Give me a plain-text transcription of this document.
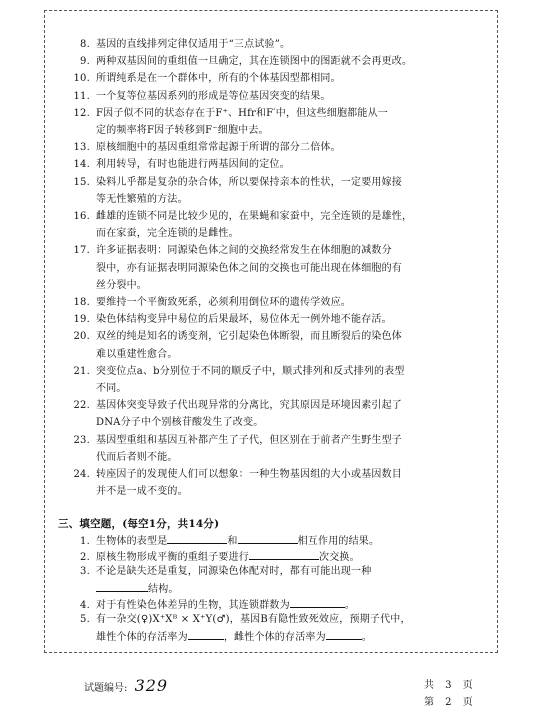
8. 基因的直线排列定律仅适用于“三点试验”。
9. 两种双基因间的重组值一旦确定，其在连锁图中的图距就不会再更改。
10. 所谓纯系是在一个群体中，所有的个体基因型都相同。
11. 一个复等位基因系列的形成是等位基因突变的结果。
12. F因子似不同的状态存在于F⁺、Hfr和F′中，但这些细胞都能从一
定的频率将F因子转移到F⁻细胞中去。
13. 原核细胞中的基因重组常常起源于所谓的部分二倍体。
14. 利用转导，有时也能进行两基因间的定位。
15. 染料儿乎都是复杂的杂合体，所以要保持亲本的性状，一定要用嫁接
等无性繁殖的方法。
16. 雌雄的连锁不同是比较少见的，在果蝇和家蚕中，完全连锁的是雄性，
而在家蚕，完全连锁的是雌性。
17. 许多证据表明：同源染色体之间的交换经常发生在体细胞的减数分
裂中，亦有证据表明同源染色体之间的交换也可能出现在体细胞的有
丝分裂中。
18. 要维持一个平衡致死系，必须利用倒位环的遗传学效应。
19. 染色体结构变异中易位的后果最坏，易位体无一例外地不能存活。
20. 双丝的纯是知名的诱变剂，它引起染色体断裂，而且断裂后的染色体
难以重建性愈合。
21. 突变位点a、b分别位于不同的顺反子中，顺式排列和反式排列的表型
不同。
22. 基因体突变导致子代出现异常的分离比，究其原因是环境因素引起了
DNA分子中个别核苷酸发生了改变。
23. 基因型重组和基因互补都产生了子代，但区别在于前者产生野生型子
代而后者则不能。
24. 转座因子的发现使人们可以想象：一种生物基因组的大小或基因数目
并不是一成不变的。
三、填空题，(每空1分，共14分)
1. 生物体的表型是	和	相互作用的结果。
2. 原核生物形成平衡的重组子要进行	次交换。
3. 不论是缺失还是重复，同源染色体配对时，都有可能出现一种
结构。
4. 对于有性染色体差异的生物，其连锁群数为	。
5. 有一杂交(♀)X⁺Xᴮ × X⁺Y(♂)，基因B有隐性致死效应，预期子代中，
雄性个体的存活率为	，雌性个体的存活率为	。
试题编号: 329	共 3 页
第 2 页
